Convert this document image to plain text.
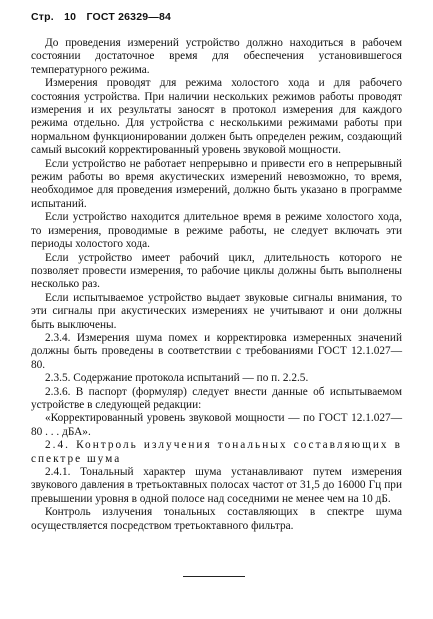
Стр. 10 ГОСТ 26329—84

До проведения измерений устройство должно находиться в рабочем состоянии достаточное время для обеспечения установившегося температурного режима.

Измерения проводят для режима холостого хода и для рабочего состояния устройства. При наличии нескольких режимов работы проводят измерения и их результаты заносят в протокол измерения для каждого режима отдельно. Для устройства с несколькими режимами работы при нормальном функционировании должен быть определен режим, создающий самый высокий корректированный уровень звуковой мощности.

Если устройство не работает непрерывно и привести его в непрерывный режим работы во время акустических измерений невозможно, то время, необходимое для проведения измерений, должно быть указано в программе испытаний.

Если устройство находится длительное время в режиме холостого хода, то измерения, проводимые в режиме работы, не следует включать эти периоды холостого хода.

Если устройство имеет рабочий цикл, длительность которого не позволяет провести измерения, то рабочие циклы должны быть выполнены несколько раз.

Если испытываемое устройство выдает звуковые сигналы внимания, то эти сигналы при акустических измерениях не учитывают и они должны быть выключены.

2.3.4. Измерения шума помех и корректировка измеренных значений должны быть проведены в соответствии с требованиями ГОСТ 12.1.027—80.

2.3.5. Содержание протокола испытаний — по п. 2.2.5.

2.3.6. В паспорт (формуляр) следует внести данные об испытываемом устройстве в следующей редакции:

«Корректированный уровень звуковой мощности — по ГОСТ 12.1.027—80 . . . дБА».

2.4. Контроль излучения тональных составляющих в спектре шума

2.4.1. Тональный характер шума устанавливают путем измерения звукового давления в третьоктавных полосах частот от 31,5 до 16000 Гц при превышении уровня в одной полосе над соседними не менее чем на 10 дБ.

Контроль излучения тональных составляющих в спектре шума осуществляется посредством третьоктавного фильтра.
